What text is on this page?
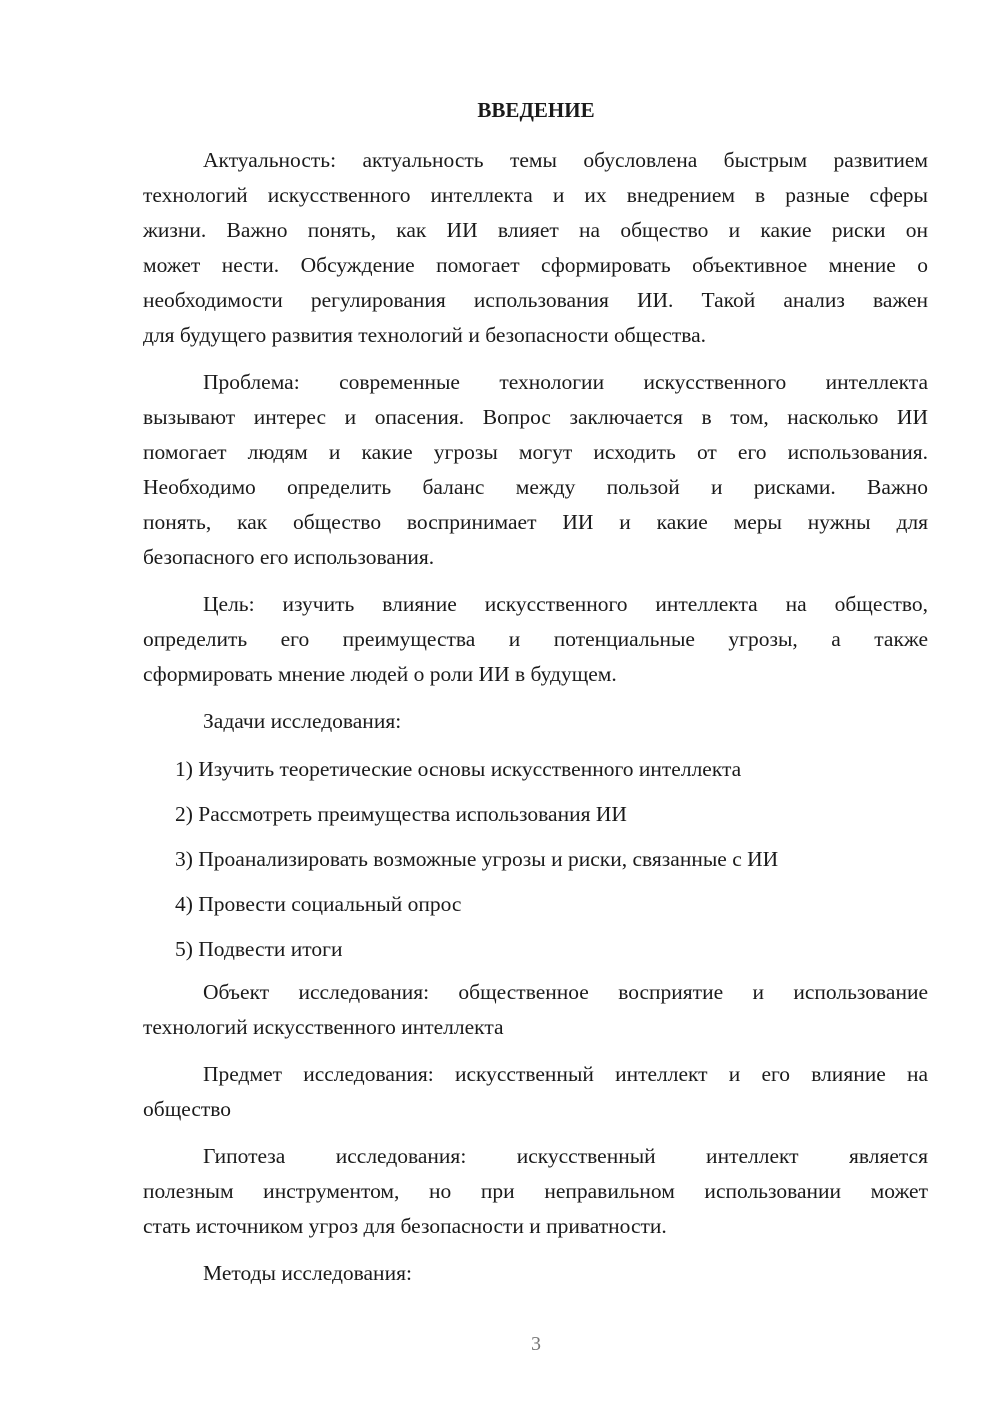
ВВЕДЕНИЕ
Актуальность: актуальность темы обусловлена быстрым развитием
технологий искусственного интеллекта и их внедрением в разные сферы
жизни. Важно понять, как ИИ влияет на общество и какие риски он
может нести. Обсуждение помогает сформировать объективное мнение о
необходимости регулирования использования ИИ. Такой анализ важен
для будущего развития технологий и безопасности общества.
Проблема: современные технологии искусственного интеллекта
вызывают интерес и опасения. Вопрос заключается в том, насколько ИИ
помогает людям и какие угрозы могут исходить от его использования.
Необходимо определить баланс между пользой и рисками. Важно
понять, как общество воспринимает ИИ и какие меры нужны для
безопасного его использования.
Цель: изучить влияние искусственного интеллекта на общество,
определить его преимущества и потенциальные угрозы, а также
сформировать мнение людей о роли ИИ в будущем.
Задачи исследования:
1) Изучить теоретические основы искусственного интеллекта
2) Рассмотреть преимущества использования ИИ
3) Проанализировать возможные угрозы и риски, связанные с ИИ
4) Провести социальный опрос
5) Подвести итоги
Объект исследования: общественное восприятие и использование
технологий искусственного интеллекта
Предмет исследования: искусственный интеллект и его влияние на
общество
Гипотеза исследования: искусственный интеллект является
полезным инструментом, но при неправильном использовании может
стать источником угроз для безопасности и приватности.
Методы исследования:
3
